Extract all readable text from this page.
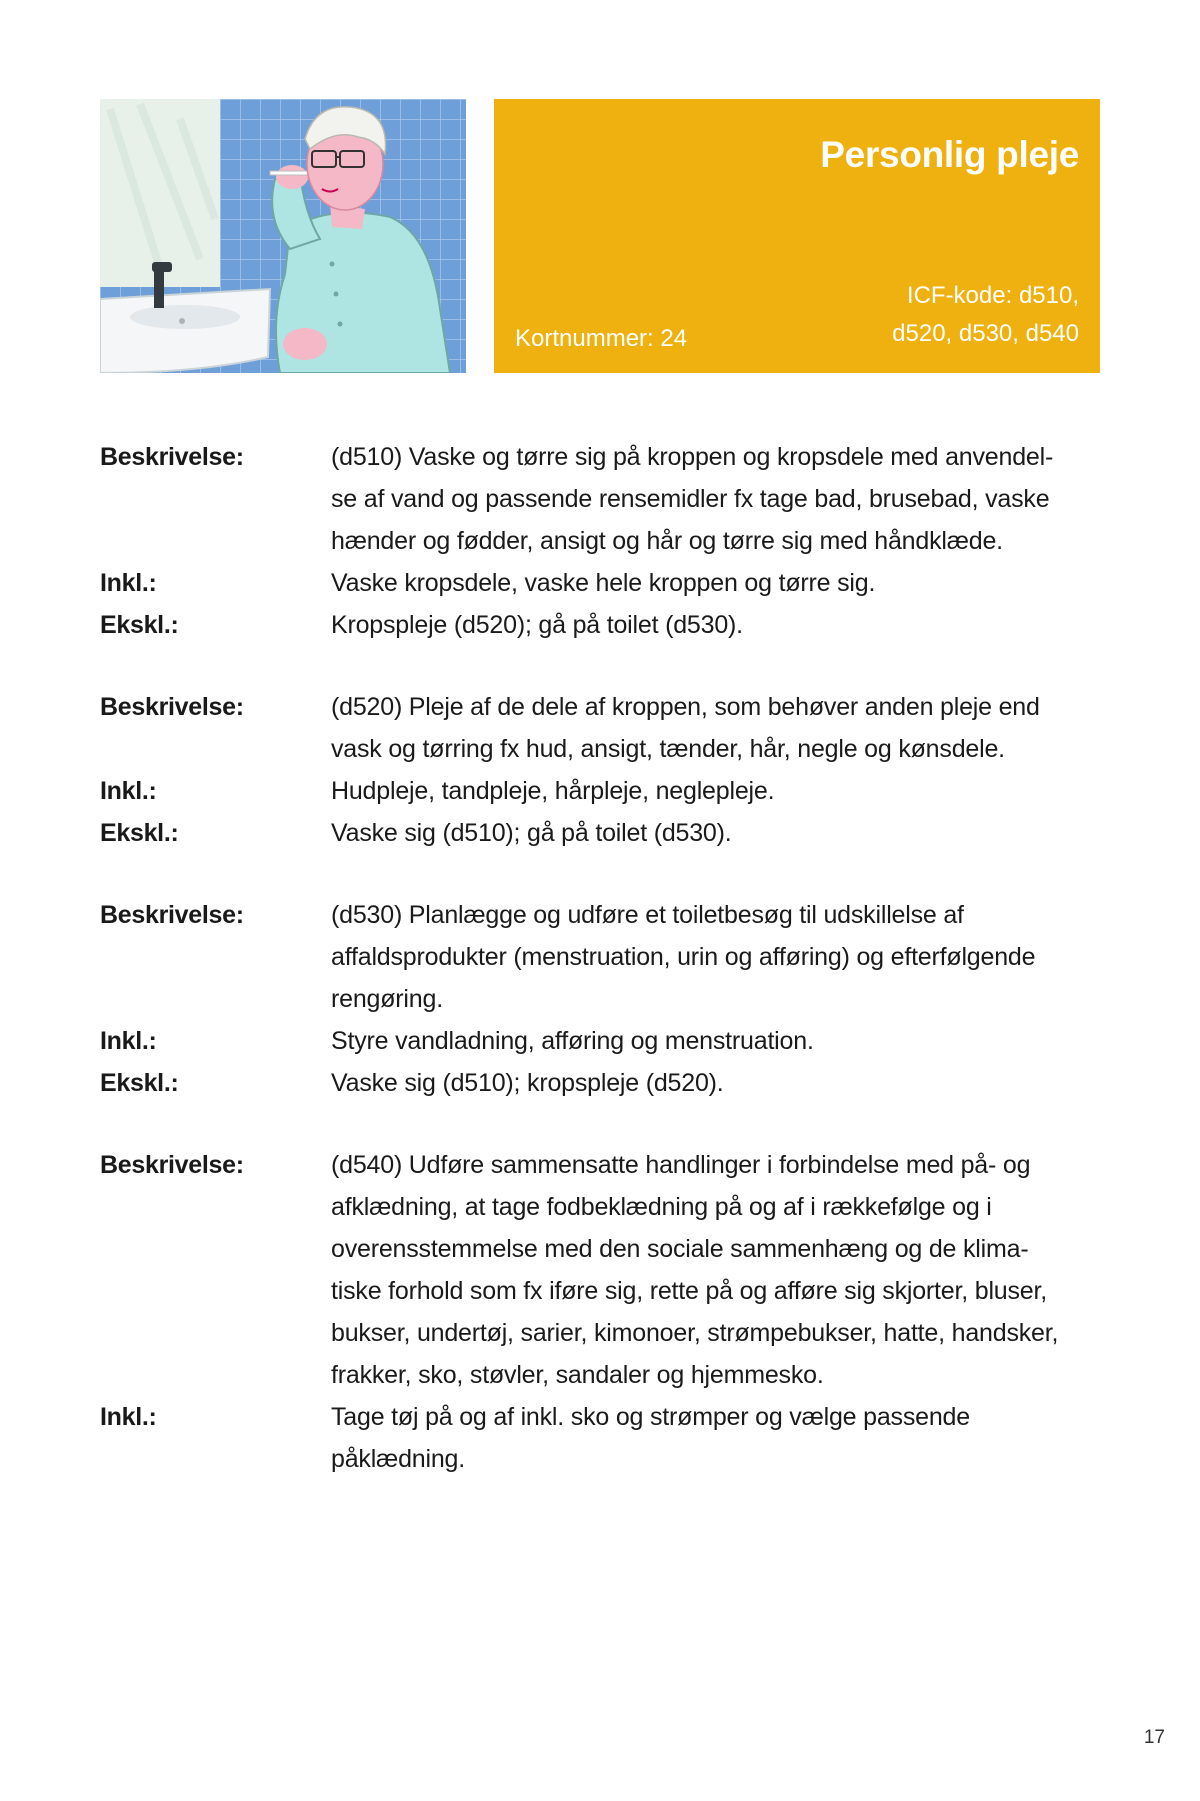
Personlig pleje
Kortnummer: 24
ICF-kode: d510,
d520, d530, d540
Beskrivelse:	(d510) Vaske og tørre sig på kroppen og kropsdele med anvendel-
se af vand og passende rensemidler fx tage bad, brusebad, vaske
hænder og fødder, ansigt og hår og tørre sig med håndklæde.
Inkl.:	Vaske kropsdele, vaske hele kroppen og tørre sig.
Ekskl.:	Kropspleje (d520); gå på toilet (d530).
Beskrivelse:	(d520) Pleje af de dele af kroppen, som behøver anden pleje end
vask og tørring fx hud, ansigt, tænder, hår, negle og kønsdele.
Inkl.:	Hudpleje, tandpleje, hårpleje, neglepleje.
Ekskl.:	Vaske sig (d510); gå på toilet (d530).
Beskrivelse:	(d530) Planlægge og udføre et toiletbesøg til udskillelse af
affaldsprodukter (menstruation, urin og afføring) og efterfølgende
rengøring.
Inkl.:	Styre vandladning, afføring og menstruation.
Ekskl.:	Vaske sig (d510); kropspleje (d520).
Beskrivelse:	(d540) Udføre sammensatte handlinger i forbindelse med på- og
afklædning, at tage fodbeklædning på og af i rækkefølge og i
overensstemmelse med den sociale sammenhæng og de klima-
tiske forhold som fx iføre sig, rette på og afføre sig skjorter, bluser,
bukser, undertøj, sarier, kimonoer, strømpebukser, hatte, handsker,
frakker, sko, støvler, sandaler og hjemmesko.
Inkl.:	Tage tøj på og af inkl. sko og strømper og vælge passende
påklædning.
17
